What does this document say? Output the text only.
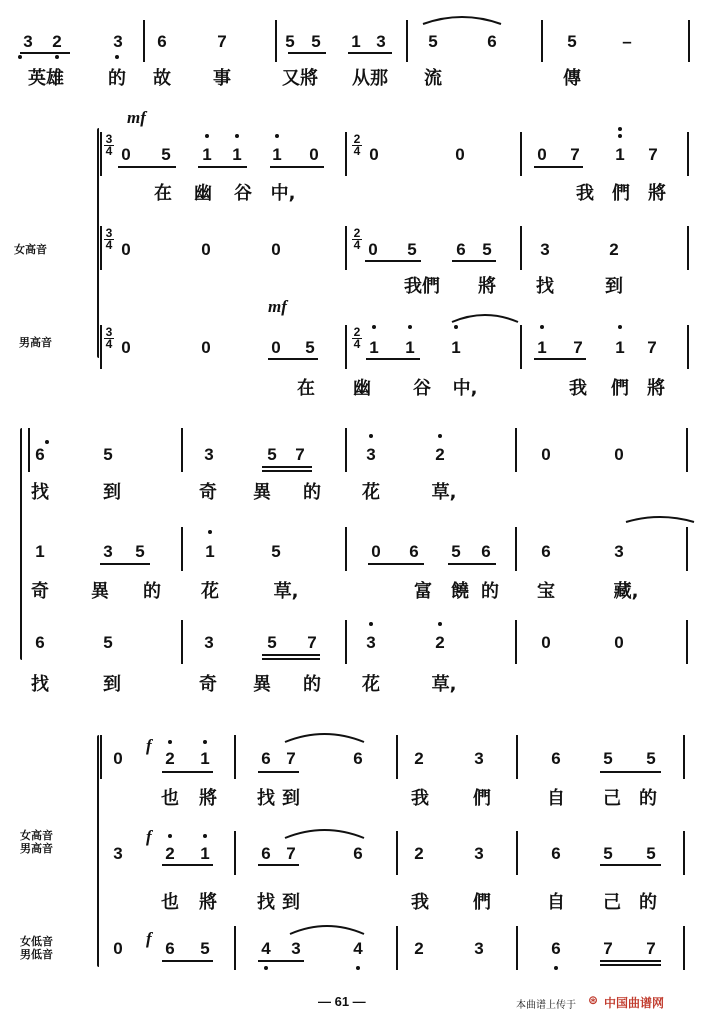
3 2	3 6	7	5 5 1 3	5	6	5	–
英雄 的 故 事	又將 从那 流	傳
mf
女高音
男高音
3
4
2
4
0 5 1 1 1 0	0	0	0 7 1 7
在 幽 谷 中,	我 們 將
3
4
2
4
0	0	0	0 5 6 5	3	2
我們 將 找	到
mf
3
4
2
4
0	0	0 5	1 1 1	1 7 1 7
在 幽 谷 中,	我 們 將
6	5	3	5 7	3	2	0	0
找	到	奇 異 的 花	草,
1	3 5	1	5	0 6 5 6	6	3
奇 異 的 花	草,	富 饒 的 宝	藏,
6	5	3	5 7	3	2	0	0
找	到	奇 異 的 花	草,
女高音
男高音
女低音
男低音
f
0	2 1	6 7	6	2	3	6	5 5
也 將 找 到	我 們	自 己 的
f
3	2 1	6 7	6	2	3	6	5 5
也 將 找 到	我 們	自 己 的
f
0	6 5	4 3	4	2	3	6	7 7
— 61 —	本曲谱上传于 ⊛ 中国曲谱网
